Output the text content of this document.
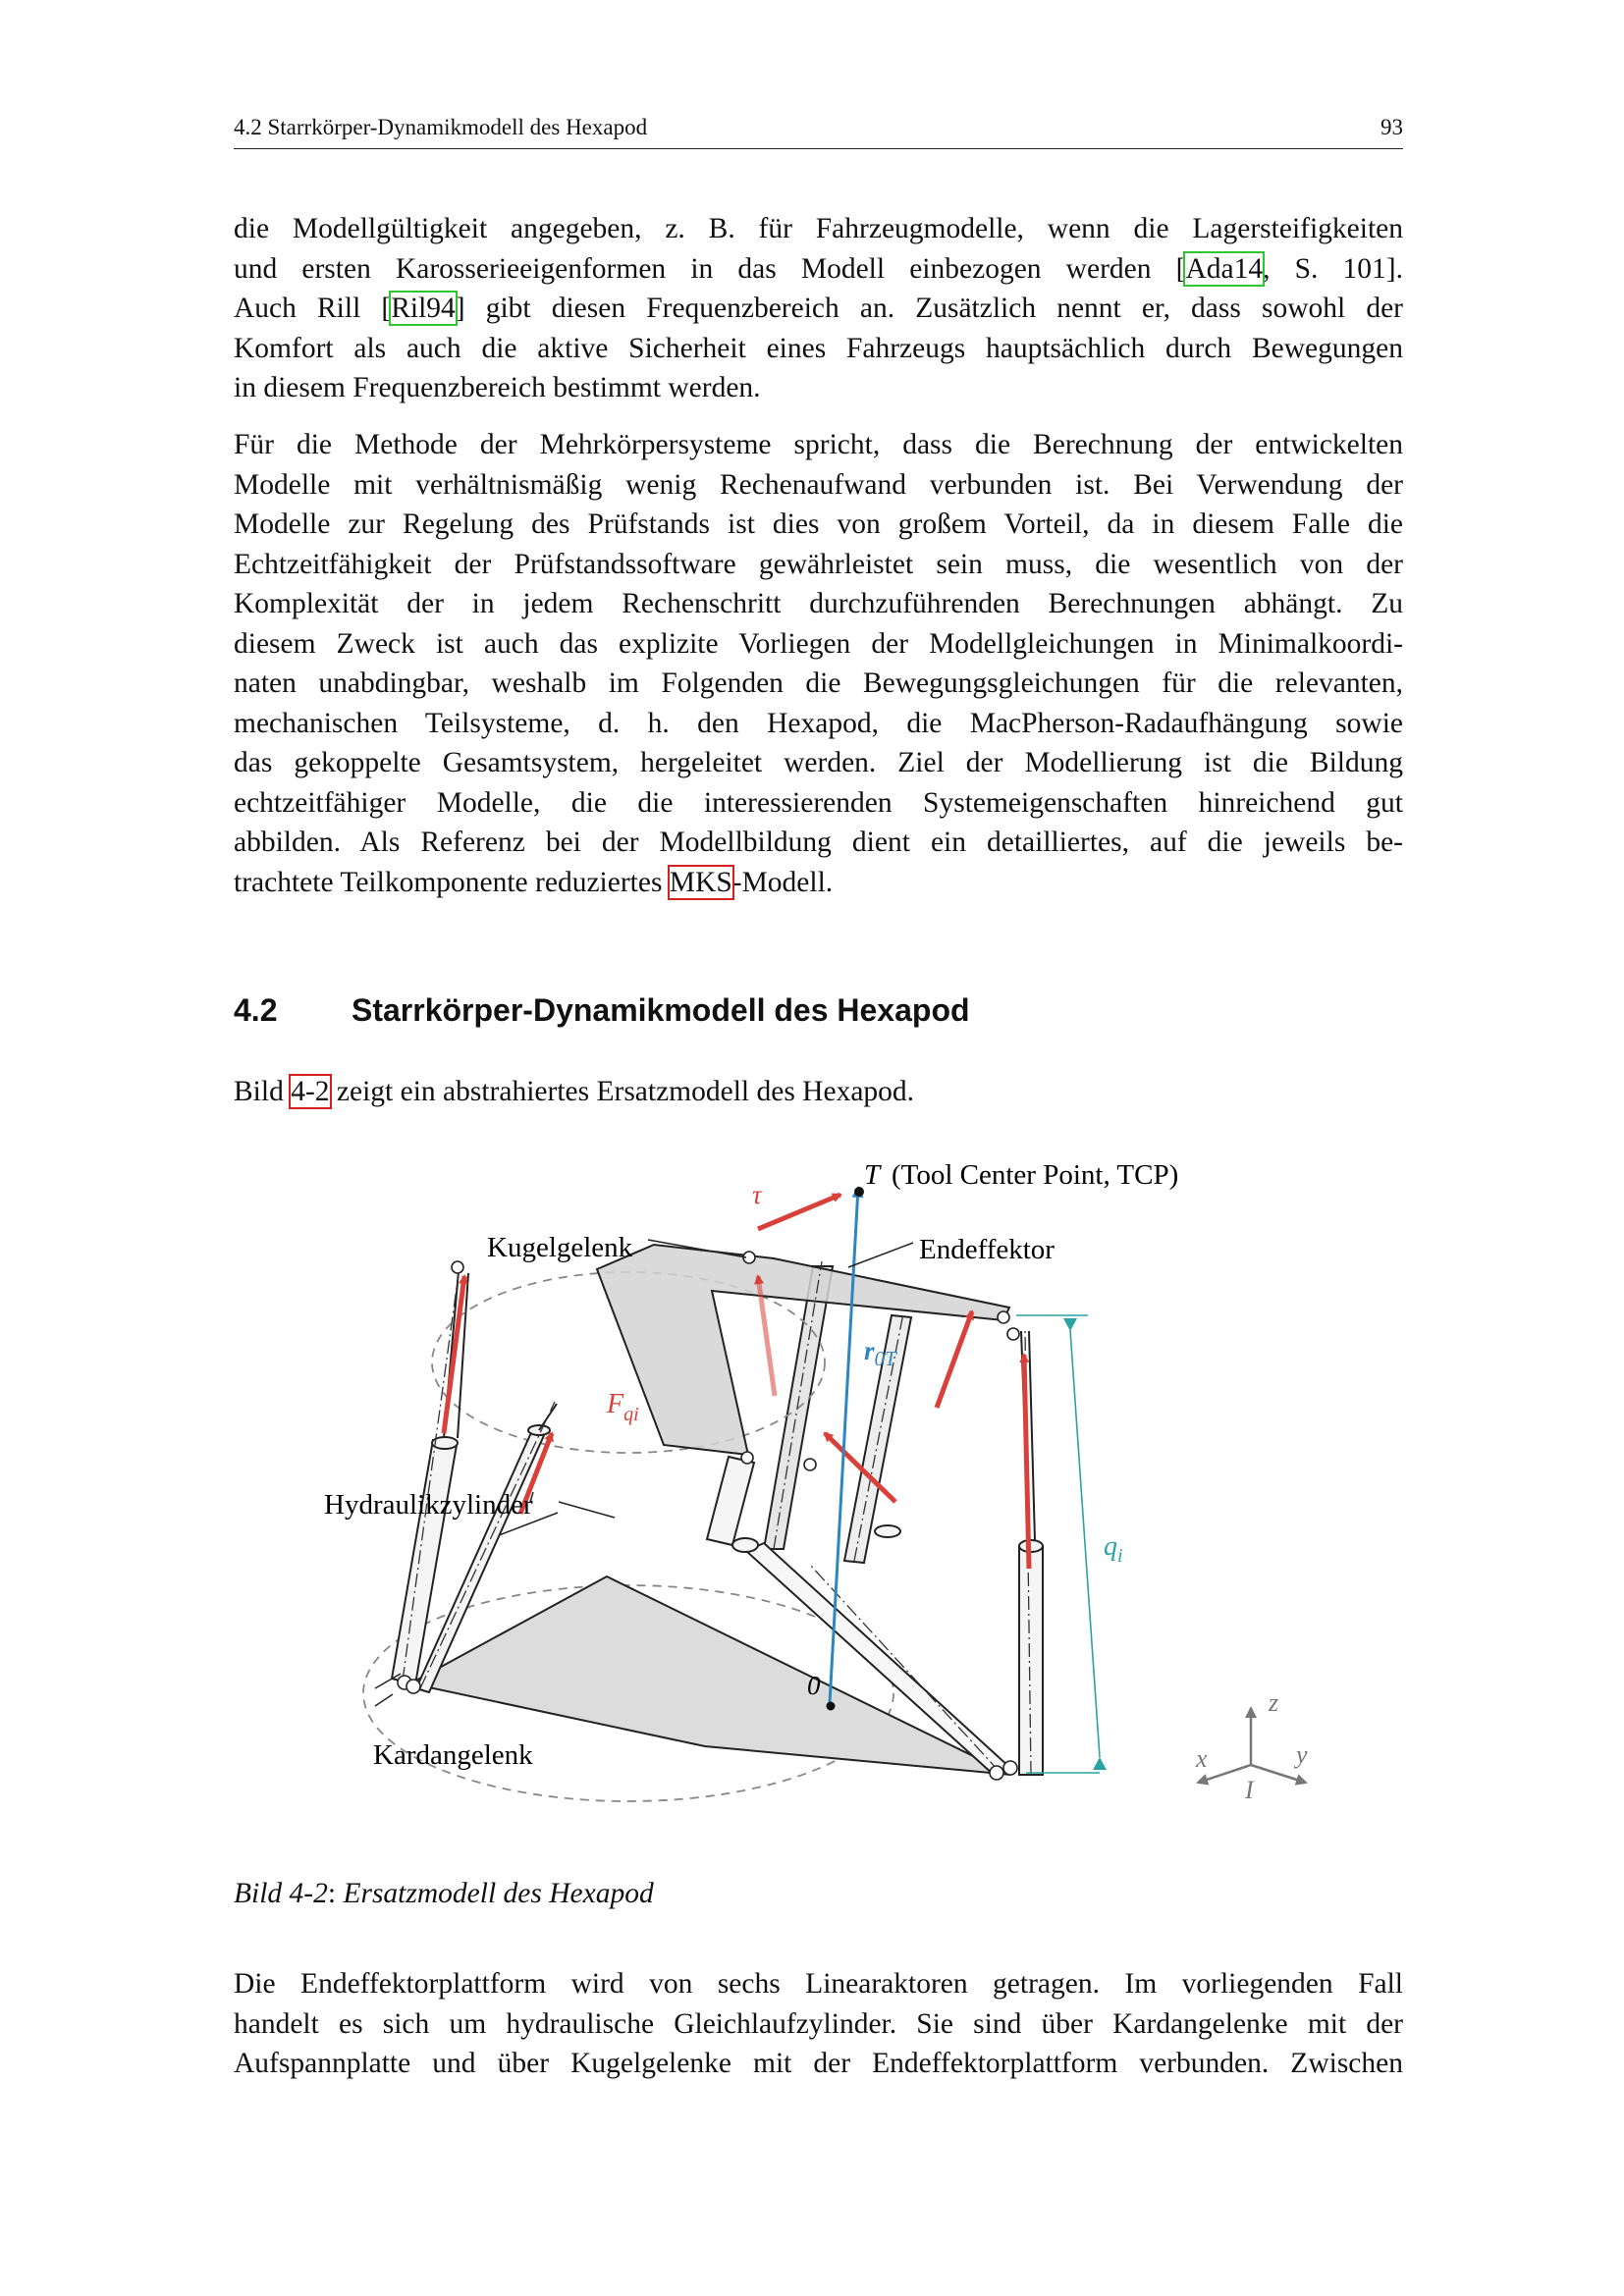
4.2 Starrkörper-Dynamikmodell des Hexapod	93
die Modellgültigkeit angegeben, z. B. für Fahrzeugmodelle, wenn die Lagersteifigkeiten
und ersten Karosserieeigenformen in das Modell einbezogen werden [Ada14, S. 101].
Auch Rill [Ril94] gibt diesen Frequenzbereich an. Zusätzlich nennt er, dass sowohl der
Komfort als auch die aktive Sicherheit eines Fahrzeugs hauptsächlich durch Bewegungen
in diesem Frequenzbereich bestimmt werden.
Für die Methode der Mehrkörpersysteme spricht, dass die Berechnung der entwickelten
Modelle mit verhältnismäßig wenig Rechenaufwand verbunden ist. Bei Verwendung der
Modelle zur Regelung des Prüfstands ist dies von großem Vorteil, da in diesem Falle die
Echtzeitfähigkeit der Prüfstandssoftware gewährleistet sein muss, die wesentlich von der
Komplexität der in jedem Rechenschritt durchzuführenden Berechnungen abhängt. Zu
diesem Zweck ist auch das explizite Vorliegen der Modellgleichungen in Minimalkoordi-
naten unabdingbar, weshalb im Folgenden die Bewegungsgleichungen für die relevanten,
mechanischen Teilsysteme, d. h. den Hexapod, die MacPherson-Radaufhängung sowie
das gekoppelte Gesamtsystem, hergeleitet werden. Ziel der Modellierung ist die Bildung
echtzeitfähiger Modelle, die die interessierenden Systemeigenschaften hinreichend gut
abbilden. Als Referenz bei der Modellbildung dient ein detailliertes, auf die jeweils be-
trachtete Teilkomponente reduziertes MKS-Modell.
4.2 Starrkörper-Dynamikmodell des Hexapod
Bild 4-2 zeigt ein abstrahiertes Ersatzmodell des Hexapod.
T (Tool Center Point, TCP)
τ
Kugelgelenk	Endeffektor
$r_{0T}$
$F_{qi}$
Hydraulikzylinder
$q_i$
0
Kardangelenk
z
x	y
I
Bild 4-2: Ersatzmodell des Hexapod
Die Endeffektorplattform wird von sechs Linearaktoren getragen. Im vorliegenden Fall
handelt es sich um hydraulische Gleichlaufzylinder. Sie sind über Kardangelenke mit der
Aufspannplatte und über Kugelgelenke mit der Endeffektorplattform verbunden. Zwischen
